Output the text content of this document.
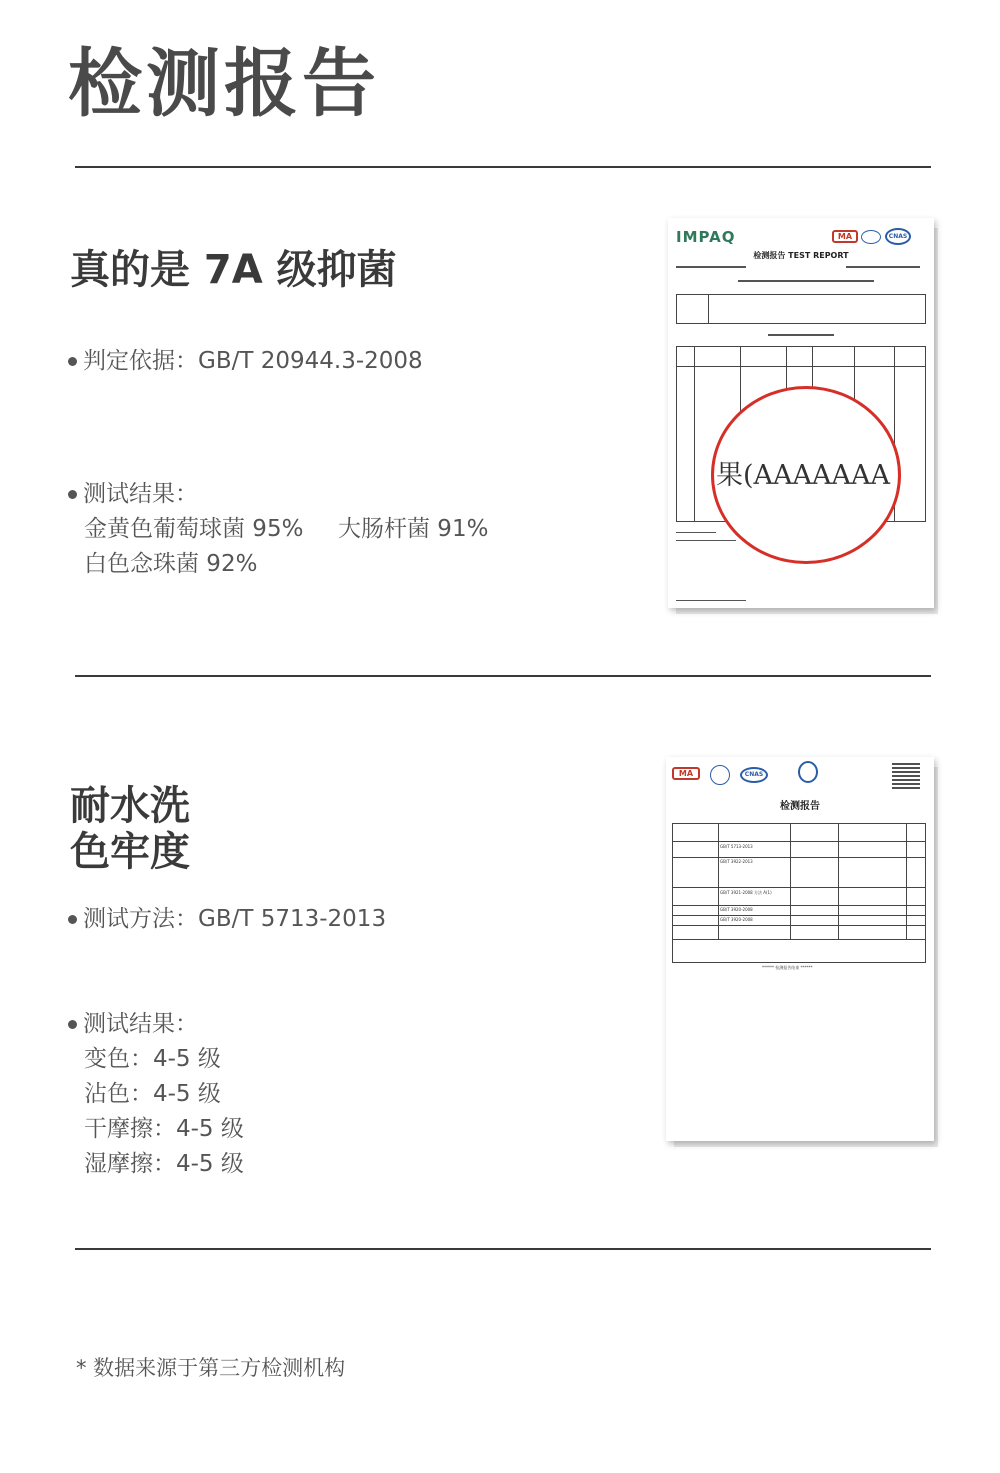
检测报告
真的是 7A 级抑菌
判定依据：GB/T 20944.3-2008
测试结果：
金黄色葡萄球菌 95% 大肠杆菌 91%
白色念珠菌 92%
IMPAQ	MA	CNAS
检测报告 TEST REPORT
果(AAAAAAA
耐水洗
色牢度
测试方法：GB/T 5713-2013
测试结果：
变色：4-5 级
沾色：4-5 级
干摩擦：4-5 级
湿摩擦：4-5 级
MA	CNAS
检测报告
GB/T 5713-2013
GB/T 3922-2013
GB/T 3921-2008 方法 A(1)
GB/T 3920-2008
GB/T 3920-2008
****** 检测报告结束 ******
* 数据来源于第三方检测机构
